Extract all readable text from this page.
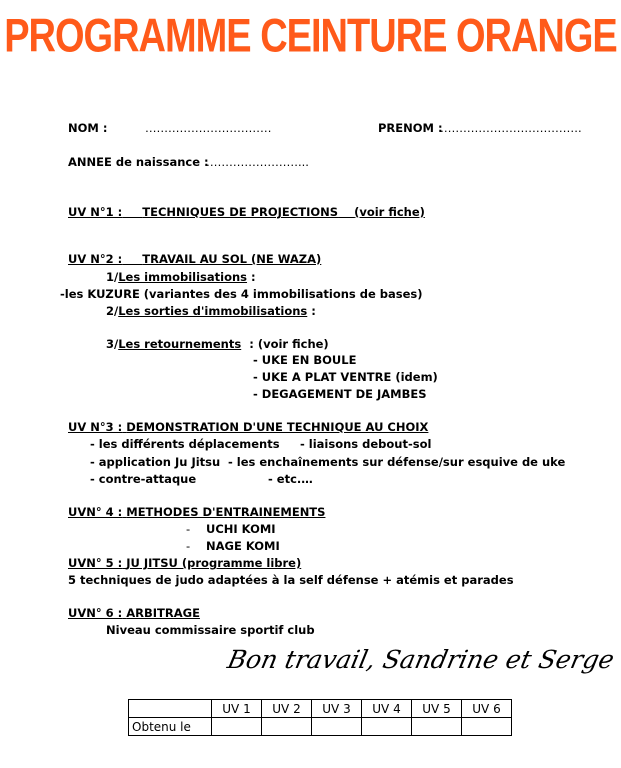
PROGRAMME CEINTURE ORANGE
NOM :	……………………………	PRENOM :
……………………………….
ANNEE de naissance :
……………………...
UV N°1 : TECHNIQUES DE PROJECTIONS (voir fiche)
UV N°2 : TRAVAIL AU SOL (NE WAZA)
1/Les immobilisations :
-les KUZURE (variantes des 4 immobilisations de bases)
2/Les sorties d'immobilisations :
3/Les retournements : (voir fiche)
- UKE EN BOULE
- UKE A PLAT VENTRE (idem)
- DEGAGEMENT DE JAMBES
UV N°3 : DEMONSTRATION D'UNE TECHNIQUE AU CHOIX
- les différents déplacements - liaisons debout-sol
- application Ju Jitsu - les enchaînements sur défense/sur esquive de uke
- contre-attaque	- etc.…
UVN° 4 : METHODES D'ENTRAINEMENTS
- UCHI KOMI
- NAGE KOMI
UVN° 5 : JU JITSU (programme libre)
5 techniques de judo adaptées à la self défense + atémis et parades
UVN° 6 : ARBITRAGE
Niveau commissaire sportif club
Bon travail, Sandrine et Serge
	UV 1	UV 2	UV 3	UV 4	UV 5	UV 6
Obtenu le						
